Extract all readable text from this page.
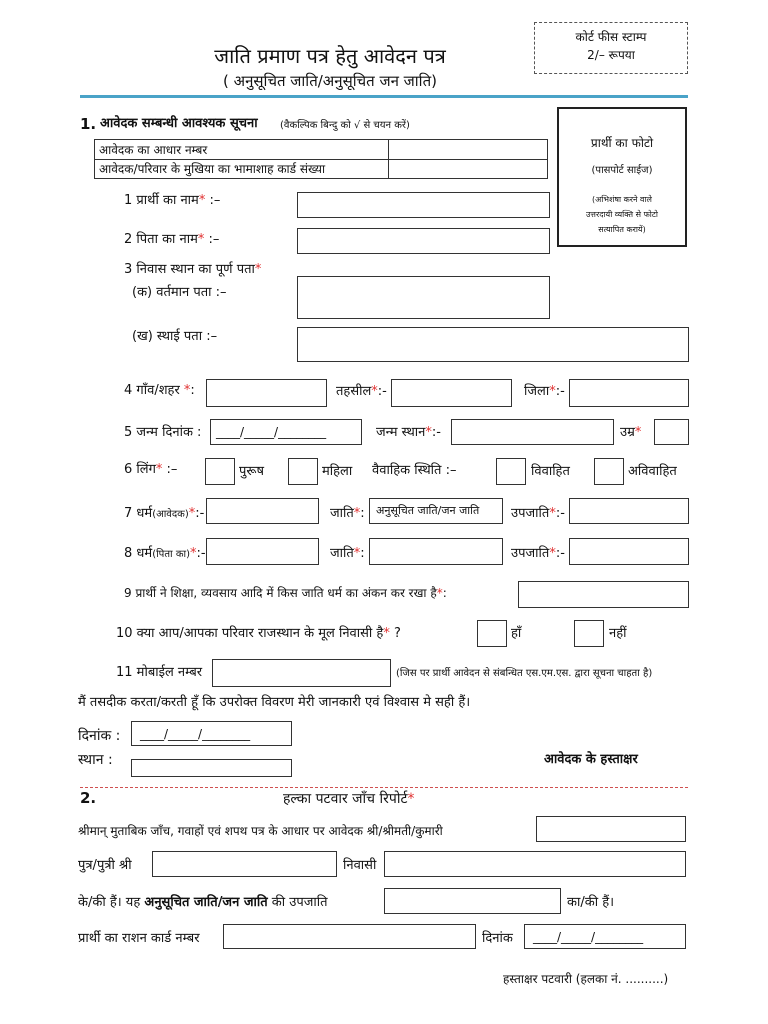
कोर्ट फीस स्टाम्प
2/– रूपया
जाति प्रमाण पत्र हेतु आवेदन पत्र
( अनुसूचित जाति/अनुसूचित जन जाति)
1. आवेदक सम्बन्धी आवश्यक सूचना (वैकल्पिक बिन्दु को √ से चयन करें)
आवेदक का आधार नम्बर
आवेदक/परिवार के मुखिया का भामाशाह कार्ड संख्या
प्रार्थी का फोटो
(पासपोर्ट साईज)
(अभिशंषा करने वाले
उत्तरदायी व्यक्ति से फोटो
सत्यापित करायें)
1 प्रार्थी का नाम* :–
2 पिता का नाम* :–
3 निवास स्थान का पूर्ण पता*
(क) वर्तमान पता :–
(ख) स्थाई पता :–
4 गाँव/शहर *:	तहसील*:-	जिला*:-
5 जन्म दिनांक : ____/_____/________	जन्म स्थान*:-	उम्र*
6 लिंग* :–	पुरूष	महिला वैवाहिक स्थिति :–	विवाहित	अविवाहित
7 धर्म(आवेदक)*:-	जाति*: अनुसूचित जाति/जन जाति उपजाति*:-
8 धर्म(पिता का)*:-	जाति*:	उपजाति*:-
9 प्रार्थी ने शिक्षा, व्यवसाय आदि में किस जाति धर्म का अंकन कर रखा है*:
10 क्या आप/आपका परिवार राजस्थान के मूल निवासी है* ?	हाँ	नहीं
11 मोबाईल नम्बर	(जिस पर प्रार्थी आवेदन से संबन्धित एस.एम.एस. द्वारा सूचना चाहता है)
मैं तसदीक करता/करती हूँ कि उपरोक्त विवरण मेरी जानकारी एवं विश्वास मे सही हैं।
दिनांक : ____/_____/________
स्थान :	आवेदक के हस्ताक्षर
2.	हल्का पटवार जाँच रिपोर्ट*
श्रीमान् मुताबिक जाँच, गवाहों एवं शपथ पत्र के आधार पर आवेदक श्री/श्रीमती/कुमारी
पुत्र/पुत्री श्री	निवासी
के/की हैं। यह अनुसूचित जाति/जन जाति की उपजाति	का/की हैं।
प्रार्थी का राशन कार्ड नम्बर	दिनांक ____/_____/________
हस्ताक्षर पटवारी (हलका नं. ..........)
